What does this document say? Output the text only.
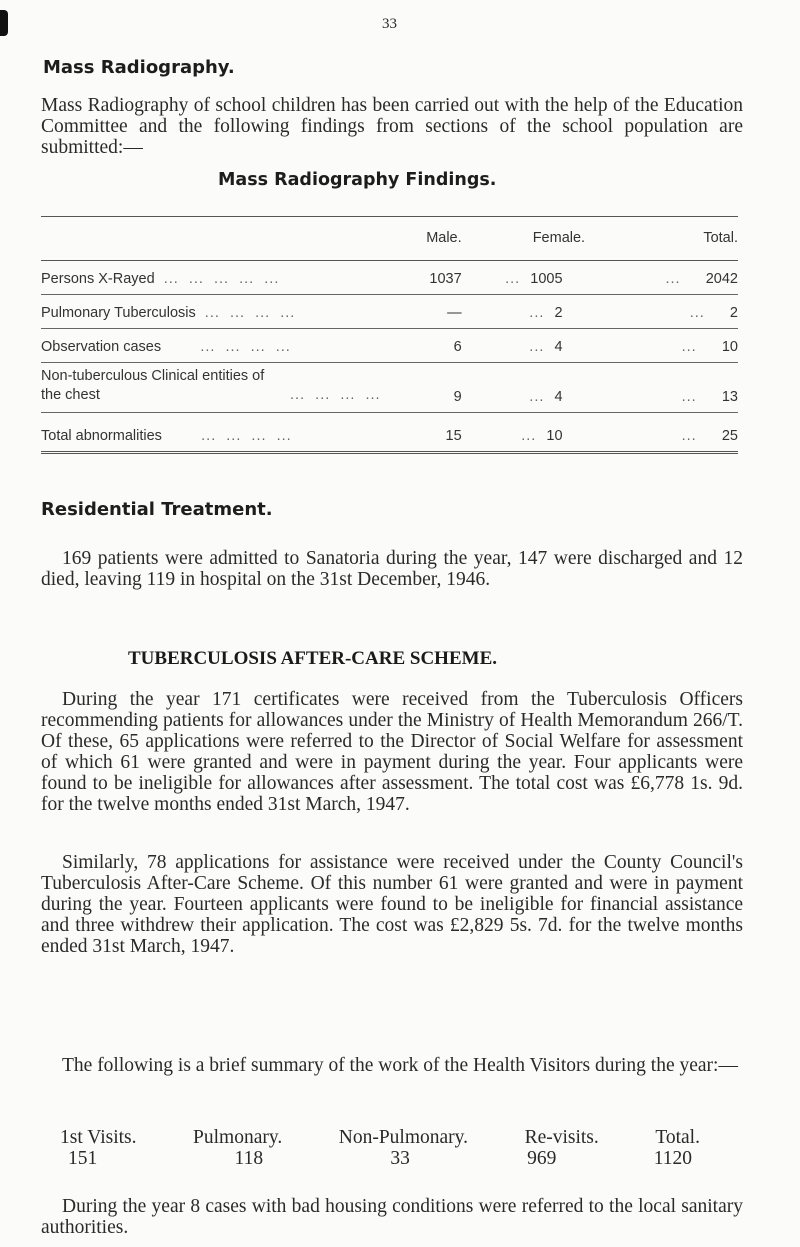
33
Mass Radiography.
Mass Radiography of school children has been carried out with the help of the Education Committee and the following findings from sections of the school population are submitted:—
Mass Radiography Findings.
	Male.	Female.		Total.
Persons X-Rayed  ...  ...  ...  ...  ...	1037	...  1005		...     2042
Pulmonary Tuberculosis  ...  ...  ...  ...	—	...  2		...     2
Observation cases        ...  ...  ...  ...	6	...  4		...     10
Non-tuberculous Clinical entities of the chest ...  ...  ...  ...	9	...  4		...     13
Total abnormalities        ...  ...  ...  ...	15	...  10		...     25
Residential Treatment.
169 patients were admitted to Sanatoria during the year, 147 were discharged and 12 died, leaving 119 in hospital on the 31st December, 1946.
TUBERCULOSIS AFTER-CARE SCHEME.
During the year 171 certificates were received from the Tuberculosis Officers recommending patients for allowances under the Ministry of Health Memorandum 266/T. Of these, 65 applications were referred to the Director of Social Welfare for assessment of which 61 were granted and were in payment during the year. Four applicants were found to be ineligible for allowances after assessment. The total cost was £6,778 1s. 9d. for the twelve months ended 31st March, 1947.
Similarly, 78 applications for assistance were received under the County Council's Tuberculosis After-Care Scheme. Of this number 61 were granted and were in payment during the year. Fourteen applicants were found to be ineligible for financial assistance and three withdrew their application. The cost was £2,829 5s. 7d. for the twelve months ended 31st March, 1947.
The following is a brief summary of the work of the Health Visitors during the year:—
1st Visits.	Pulmonary.	Non-Pulmonary.	Re-visits.	Total.
151	118	33	969	1120
During the year 8 cases with bad housing conditions were referred to the local sanitary authorities.
